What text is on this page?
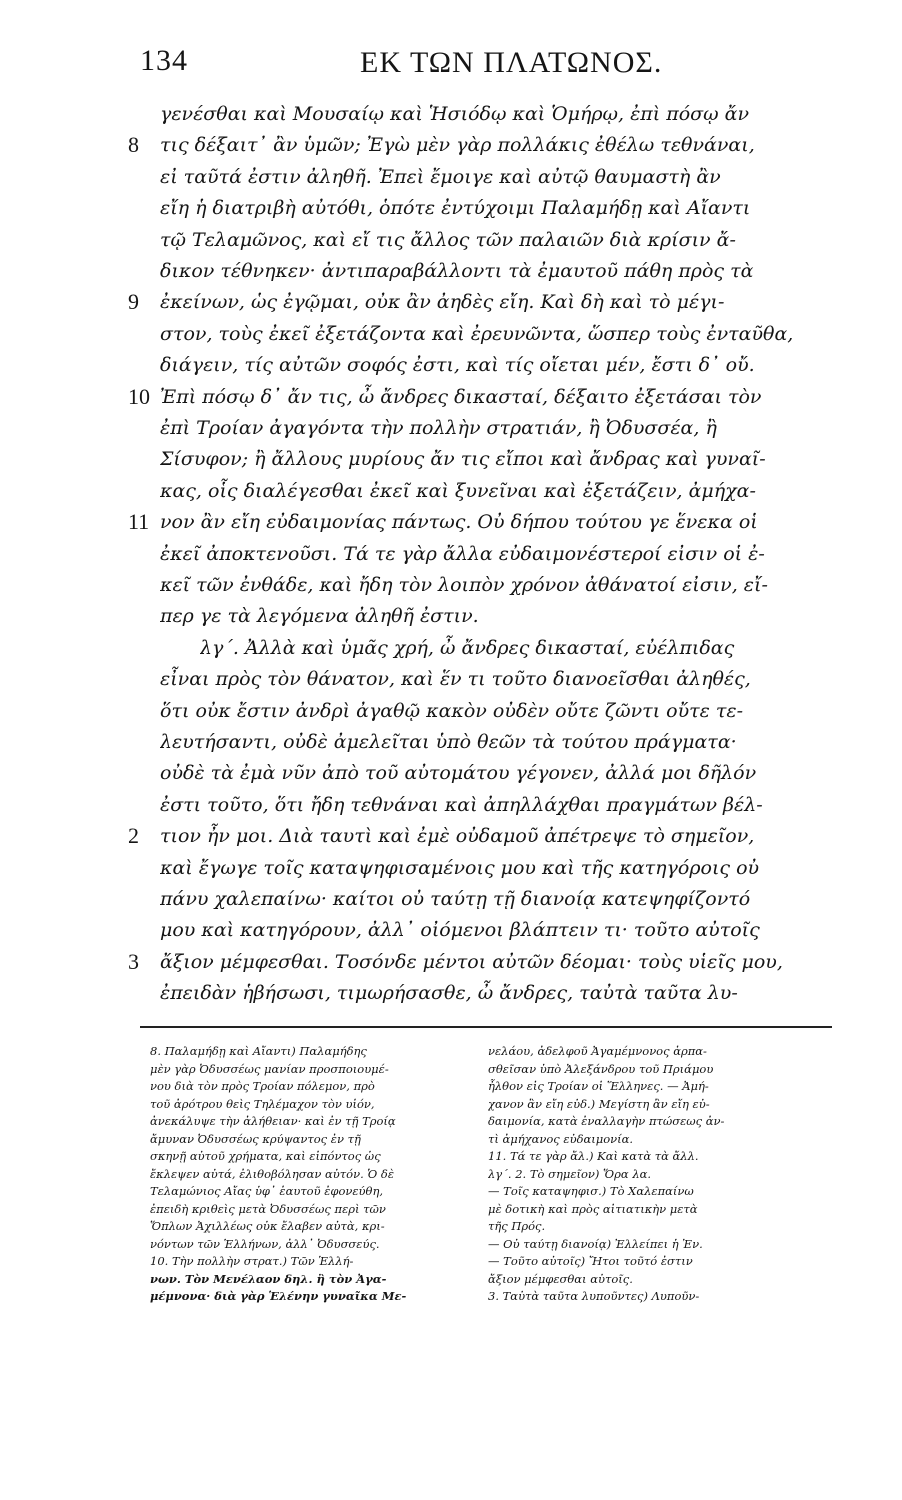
134	ΕΚ ΤΩΝ ΠΛΑΤΩΝΟΣ.
γενέσθαι καὶ Μουσαίῳ καὶ Ἡσιόδῳ καὶ Ὁμήρῳ, ἐπὶ πόσῳ ἄν
8	τις δέξαιτ᾽ ἂν ὑμῶν; Ἐγὼ μὲν γὰρ πολλάκις ἐθέλω τεθνάναι,
εἰ ταῦτά ἐστιν ἀληθῆ. Ἐπεὶ ἔμοιγε καὶ αὐτῷ θαυμαστὴ ἂν
εἴη ἡ διατριβὴ αὐτόθι, ὁπότε ἐντύχοιμι Παλαμήδῃ καὶ Αἴαντι
τῷ Τελαμῶνος, καὶ εἴ τις ἄλλος τῶν παλαιῶν διὰ κρίσιν ἄ-
δικον τέθνηκεν· ἀντιπαραβάλλοντι τὰ ἐμαυτοῦ πάθη πρὸς τὰ
9	ἐκείνων, ὡς ἐγῷμαι, οὐκ ἂν ἀηδὲς εἴη. Καὶ δὴ καὶ τὸ μέγι-
στον, τοὺς ἐκεῖ ἐξετάζοντα καὶ ἐρευνῶντα, ὥσπερ τοὺς ἐνταῦθα,
διάγειν, τίς αὐτῶν σοφός ἐστι, καὶ τίς οἴεται μέν, ἔστι δ᾽ οὔ.
10 Ἐπὶ πόσῳ δ᾽ ἄν τις, ὦ ἄνδρες δικασταί, δέξαιτο ἐξετάσαι τὸν
ἐπὶ Τροίαν ἀγαγόντα τὴν πολλὴν στρατιάν, ἢ Ὀδυσσέα, ἢ
Σίσυφον; ἢ ἄλλους μυρίους ἄν τις εἴποι καὶ ἄνδρας καὶ γυναῖ-
κας, οἷς διαλέγεσθαι ἐκεῖ καὶ ξυνεῖναι καὶ ἐξετάζειν, ἀμήχα-
11 νον ἂν εἴη εὐδαιμονίας πάντως. Οὐ δήπου τούτου γε ἕνεκα οἱ
ἐκεῖ ἀποκτενοῦσι. Τά τε γὰρ ἄλλα εὐδαιμονέστεροί εἰσιν οἱ ἐ-
κεῖ τῶν ἐνθάδε, καὶ ἤδη τὸν λοιπὸν χρόνον ἀθάνατοί εἰσιν, εἴ-
περ γε τὰ λεγόμενα ἀληθῆ ἐστιν.
λγ΄. Ἀλλὰ καὶ ὑμᾶς χρή, ὦ ἄνδρες δικασταί, εὐέλπιδας
εἶναι πρὸς τὸν θάνατον, καὶ ἕν τι τοῦτο διανοεῖσθαι ἀληθές,
ὅτι οὐκ ἔστιν ἀνδρὶ ἀγαθῷ κακὸν οὐδὲν οὔτε ζῶντι οὔτε τε-
λευτήσαντι, οὐδὲ ἀμελεῖται ὑπὸ θεῶν τὰ τούτου πράγματα·
οὐδὲ τὰ ἐμὰ νῦν ἀπὸ τοῦ αὐτομάτου γέγονεν, ἀλλά μοι δῆλόν
ἐστι τοῦτο, ὅτι ἤδη τεθνάναι καὶ ἀπηλλάχθαι πραγμάτων βέλ-
2	τιον ἦν μοι. Διὰ ταυτὶ καὶ ἐμὲ οὐδαμοῦ ἀπέτρεψε τὸ σημεῖον,
καὶ ἔγωγε τοῖς καταψηφισαμένοις μου καὶ τῆς κατηγόροις οὐ
πάνυ χαλεπαίνω· καίτοι οὐ ταύτῃ τῇ διανοίᾳ κατεψηφίζοντό
μου καὶ κατηγόρουν, ἀλλ᾽ οἰόμενοι βλάπτειν τι· τοῦτο αὐτοῖς
3	ἄξιον μέμφεσθαι. Τοσόνδε μέντοι αὐτῶν δέομαι· τοὺς υἱεῖς μου,
ἐπειδὰν ἡβήσωσι, τιμωρήσασθε, ὦ ἄνδρες, ταὐτὰ ταῦτα λυ-
8. Παλαμήδῃ καὶ Αἴαντι) Παλαμήδης
μὲν γὰρ Ὀδυσσέως μανίαν προσποιουμέ-
νου διὰ τὸν πρὸς Τροίαν πόλεμον, πρὸ
τοῦ ἀρότρου θεὶς Τηλέμαχον τὸν υἱόν,
ἀνεκάλυψε τὴν ἀλήθειαν· καὶ ἐν τῇ Τροίᾳ
ἄμυναν Ὀδυσσέως κρύψαντος ἐν τῇ
σκηνῇ αὐτοῦ χρήματα, καὶ εἰπόντος ὡς
ἔκλεψεν αὐτά, ἐλιθοβόλησαν αὐτόν. Ὁ δὲ
Τελαμώνιος Αἴας ὑφ᾽ ἑαυτοῦ ἐφονεύθη,
ἐπειδὴ κριθεὶς μετὰ Ὀδυσσέως περὶ τῶν
Ὅπλων Ἀχιλλέως οὐκ ἔλαβεν αὐτὰ, κρι-
νόντων τῶν Ἑλλήνων, ἀλλ᾽ Ὀδυσσεύς.
10. Τὴν πολλὴν στρατ.) Τῶν Ἑλλή-
νων. Τὸν Μενέλαον δηλ. ἢ τὸν Ἀγα-
μέμνονα· διὰ γὰρ Ἑλένην γυναῖκα Με-
νελάου, ἀδελφοῦ Ἀγαμέμνονος ἁρπα-
σθεῖσαν ὑπὸ Ἀλεξάνδρου τοῦ Πριάμου
ἦλθον εἰς Τροίαν οἱ Ἕλληνες. — Ἀμή-
χανον ἂν εἴη εὐδ.) Μεγίστη ἂν εἴη εὐ-
δαιμονία, κατὰ ἐναλλαγὴν πτώσεως ἀν-
τὶ ἀμήχανος εὐδαιμονία.
11. Τά τε γὰρ ἄλ.) Καὶ κατὰ τὰ ἄλλ.
λγ΄. 2. Τὸ σημεῖον) Ὅρα λα.
— Τοῖς καταψηφισ.) Τὸ Χαλεπαίνω
μὲ δοτικὴ καὶ πρὸς αἰτιατικὴν μετὰ
τῆς Πρός.
— Οὐ ταύτῃ διανοίᾳ) Ἐλλείπει ἡ Ἐν.
— Τοῦτο αὐτοῖς) Ἤτοι τοῦτό ἐστιν
ἄξιον μέμφεσθαι αὐτοῖς.
3. Ταὐτὰ ταῦτα λυποῦντες) Λυποῦν-
